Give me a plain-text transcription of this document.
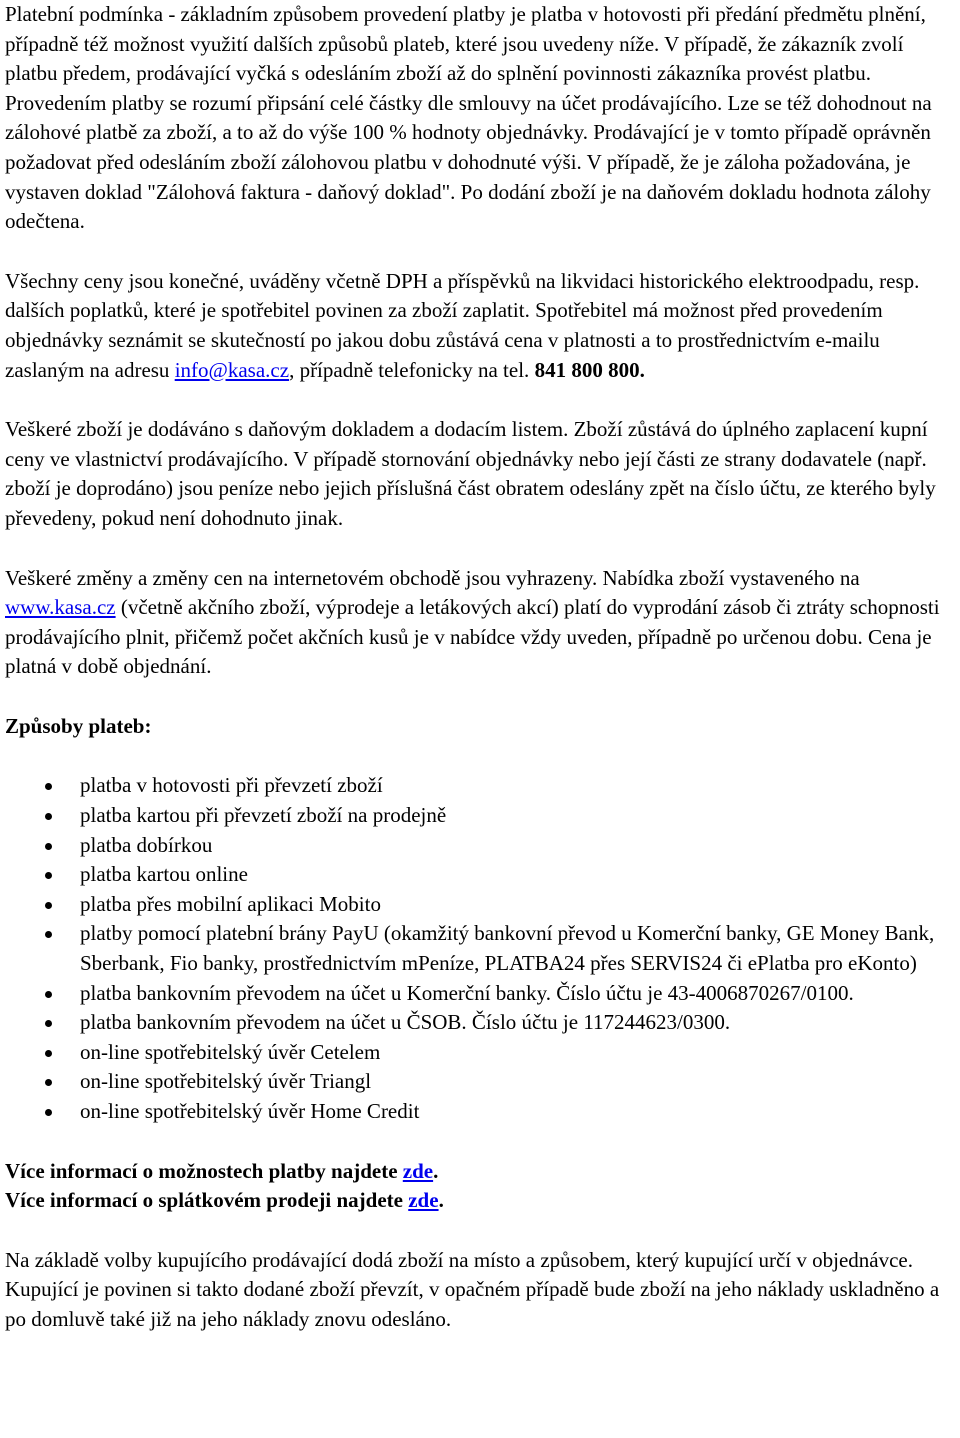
Platební podmínka - základním způsobem provedení platby je platba v hotovosti při předání předmětu plnění, případně též možnost využití dalších způsobů plateb, které jsou uvedeny níže. V případě, že zákazník zvolí platbu předem, prodávající vyčká s odesláním zboží až do splnění povinnosti zákazníka provést platbu. Provedením platby se rozumí připsání celé částky dle smlouvy na účet prodávajícího. Lze se též dohodnout na zálohové platbě za zboží, a to až do výše 100 % hodnoty objednávky. Prodávající je v tomto případě oprávněn požadovat před odesláním zboží zálohovou platbu v dohodnuté výši. V případě, že je záloha požadována, je vystaven doklad "Zálohová faktura - daňový doklad". Po dodání zboží je na daňovém dokladu hodnota zálohy odečtena.

Všechny ceny jsou konečné, uváděny včetně DPH a příspěvků na likvidaci historického elektroodpadu, resp. dalších poplatků, které je spotřebitel povinen za zboží zaplatit. Spotřebitel má možnost před provedením objednávky seznámit se skutečností po jakou dobu zůstává cena v platnosti a to prostřednictvím e-mailu zaslaným na adresu info@kasa.cz, případně telefonicky na tel. 841 800 800.

Veškeré zboží je dodáváno s daňovým dokladem a dodacím listem. Zboží zůstává do úplného zaplacení kupní ceny ve vlastnictví prodávajícího. V případě stornování objednávky nebo její části ze strany dodavatele (např. zboží je doprodáno) jsou peníze nebo jejich příslušná část obratem odeslány zpět na číslo účtu, ze kterého byly převedeny, pokud není dohodnuto jinak.

Veškeré změny a změny cen na internetovém obchodě jsou vyhrazeny. Nabídka zboží vystaveného na www.kasa.cz (včetně akčního zboží, výprodeje a letákových akcí) platí do vyprodání zásob či ztráty schopnosti prodávajícího plnit, přičemž počet akčních kusů je v nabídce vždy uveden, případně po určenou dobu. Cena je platná v době objednání.

Způsoby plateb:

platba v hotovosti při převzetí zboží
platba kartou při převzetí zboží na prodejně
platba dobírkou
platba kartou online
platba přes mobilní aplikaci Mobito
platby pomocí platební brány PayU (okamžitý bankovní převod u Komerční banky, GE Money Bank, Sberbank, Fio banky, prostřednictvím mPeníze, PLATBA24 přes SERVIS24 či ePlatba pro eKonto)
platba bankovním převodem na účet u Komerční banky. Číslo účtu je 43-4006870267/0100.
platba bankovním převodem na účet u ČSOB. Číslo účtu je 117244623/0300.
on-line spotřebitelský úvěr Cetelem
on-line spotřebitelský úvěr Triangl
on-line spotřebitelský úvěr Home Credit

Více informací o možnostech platby najdete zde.

Více informací o splátkovém prodeji najdete zde.

Na základě volby kupujícího prodávající dodá zboží na místo a způsobem, který kupující určí v objednávce. Kupující je povinen si takto dodané zboží převzít, v opačném případě bude zboží na jeho náklady uskladněno a po domluvě také již na jeho náklady znovu odesláno.
